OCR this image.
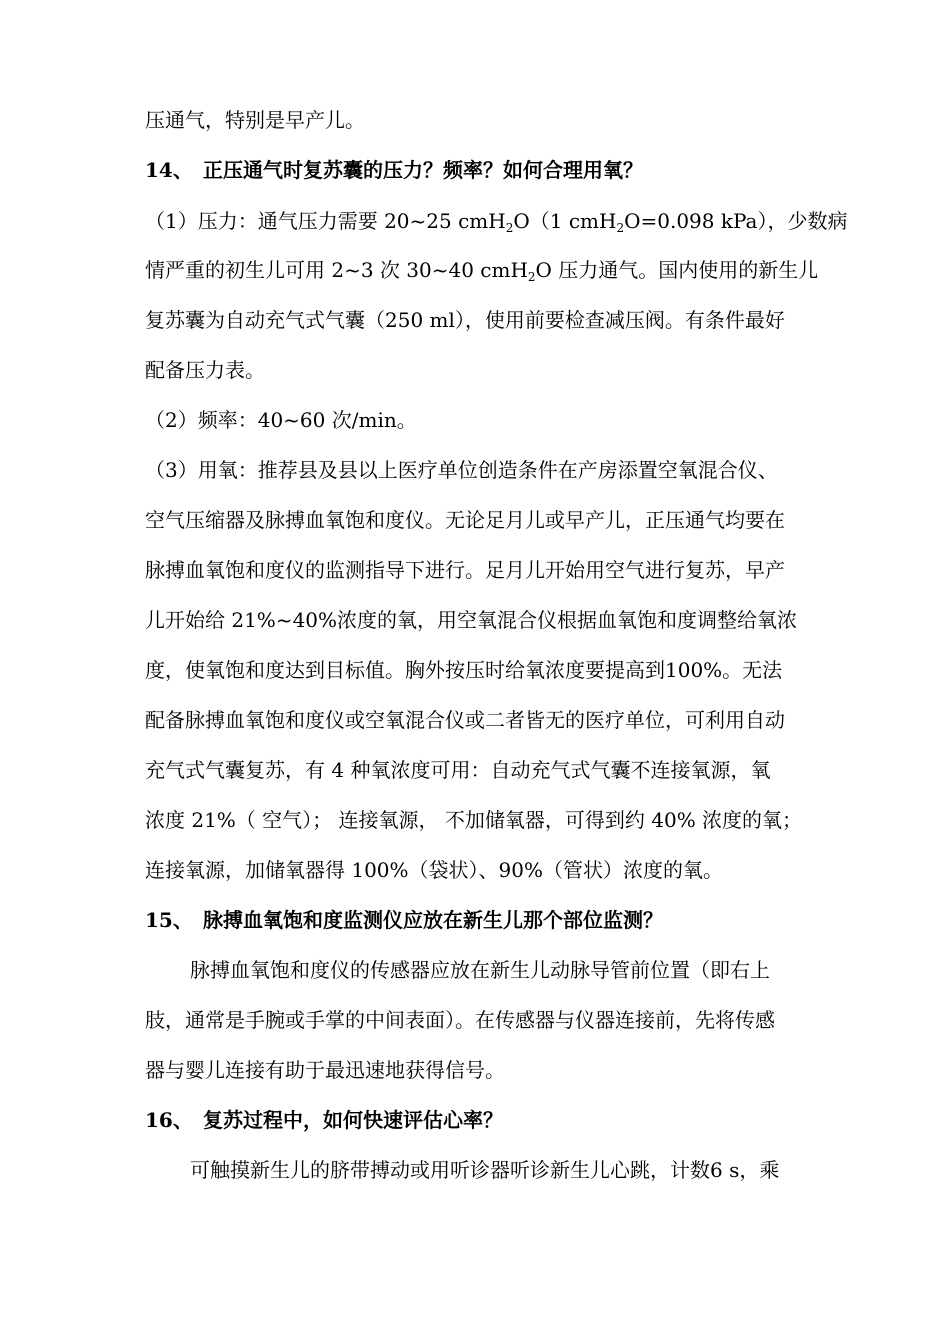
压通气，特别是早产儿。
14、 正压通气时复苏囊的压力？频率？如何合理用氧？
（1）压力：通气压力需要 20~25 cmH$_2$O（1 cmH$_2$O=0.098 kPa），少数病
情严重的初生儿可用 2~3 次 30~40 cmH$_2$O 压力通气。国内使用的新生儿
复苏囊为自动充气式气囊（250 ml），使用前要检查减压阀。有条件最好
配备压力表。
（2）频率：40~60 次/min。
（3）用氧：推荐县及县以上医疗单位创造条件在产房添置空氧混合仪、
空气压缩器及脉搏血氧饱和度仪。无论足月儿或早产儿，正压通气均要在
脉搏血氧饱和度仪的监测指导下进行。足月儿开始用空气进行复苏，早产
儿开始给 21%~40%浓度的氧，用空氧混合仪根据血氧饱和度调整给氧浓
度，使氧饱和度达到目标值。胸外按压时给氧浓度要提高到100%。无法
配备脉搏血氧饱和度仪或空氧混合仪或二者皆无的医疗单位，可利用自动
充气式气囊复苏，有 4 种氧浓度可用：自动充气式气囊不连接氧源，氧
浓度 21%（ 空气）； 连接氧源， 不加储氧器，可得到约 40% 浓度的氧；
连接氧源，加储氧器得 100%（袋状）、90%（管状）浓度的氧。
15、 脉搏血氧饱和度监测仪应放在新生儿那个部位监测？
脉搏血氧饱和度仪的传感器应放在新生儿动脉导管前位置（即右上
肢，通常是手腕或手掌的中间表面）。在传感器与仪器连接前，先将传感
器与婴儿连接有助于最迅速地获得信号。
16、 复苏过程中，如何快速评估心率？
可触摸新生儿的脐带搏动或用听诊器听诊新生儿心跳，计数6 s，乘
